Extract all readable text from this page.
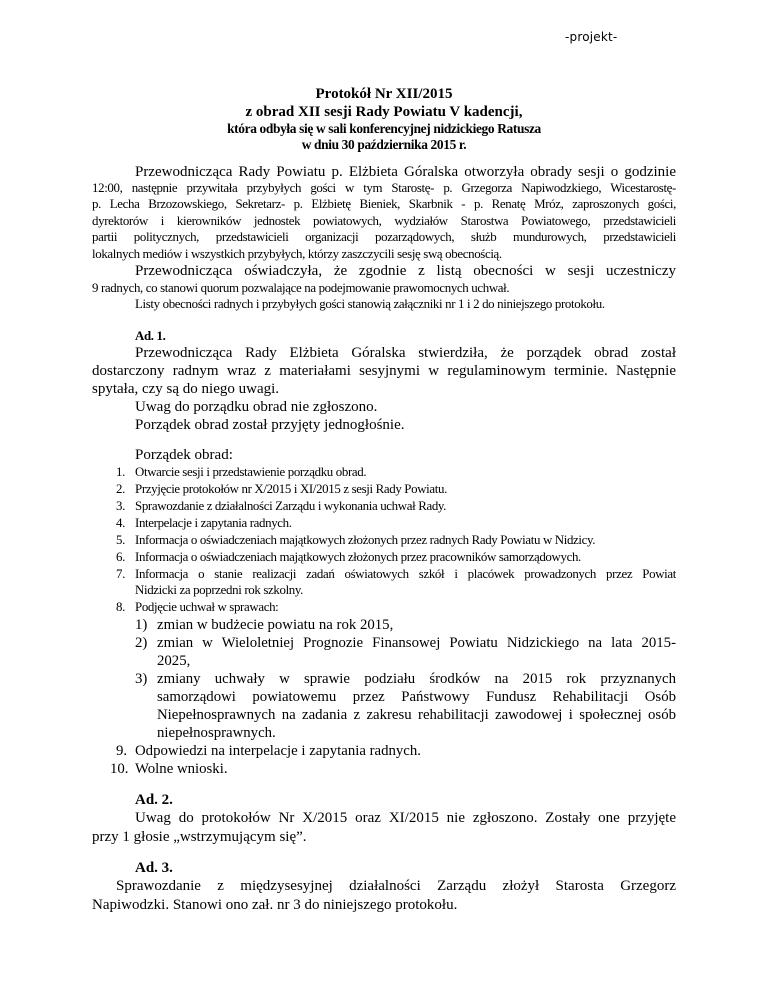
-projekt-
Protokół Nr XII/2015
z obrad XII sesji Rady Powiatu V kadencji,
która odbyła się w sali konferencyjnej nidzickiego Ratusza
w dniu 30 października 2015 r.
Przewodnicząca Rady Powiatu p. Elżbieta Góralska otworzyła obrady sesji o godzinie
12:00, następnie przywitała przybyłych gości w tym Starostę- p. Grzegorza Napiwodzkiego, Wicestarostę-
p. Lecha Brzozowskiego, Sekretarz- p. Elżbietę Bieniek, Skarbnik - p. Renatę Mróz, zaproszonych gości,
dyrektorów i kierowników jednostek powiatowych, wydziałów Starostwa Powiatowego, przedstawicieli
partii politycznych, przedstawicieli organizacji pozarządowych, służb mundurowych, przedstawicieli
lokalnych mediów i wszystkich przybyłych, którzy zaszczycili sesję swą obecnością.
Przewodnicząca oświadczyła, że zgodnie z listą obecności w sesji uczestniczy
9 radnych, co stanowi quorum pozwalające na podejmowanie prawomocnych uchwał.
Listy obecności radnych i przybyłych gości stanowią załączniki nr 1 i 2 do niniejszego protokołu.
Ad. 1.
Przewodnicząca Rady Elżbieta Góralska stwierdziła, że porządek obrad został
dostarczony radnym wraz z materiałami sesyjnymi w regulaminowym terminie. Następnie
spytała, czy są do niego uwagi.
Uwag do porządku obrad nie zgłoszono.
Porządek obrad został przyjęty jednogłośnie.
Porządek obrad:
1. Otwarcie sesji i przedstawienie porządku obrad.
2. Przyjęcie protokołów nr X/2015 i XI/2015 z sesji Rady Powiatu.
3. Sprawozdanie z działalności Zarządu i wykonania uchwał Rady.
4. Interpelacje i zapytania radnych.
5. Informacja o oświadczeniach majątkowych złożonych przez radnych Rady Powiatu w Nidzicy.
6. Informacja o oświadczeniach majątkowych złożonych przez pracowników samorządowych.
7. Informacja o stanie realizacji zadań oświatowych szkół i placówek prowadzonych przez Powiat
Nidzicki za poprzedni rok szkolny.
8. Podjęcie uchwał w sprawach:
1) zmian w budżecie powiatu na rok 2015,
2) zmian w Wieloletniej Prognozie Finansowej Powiatu Nidzickiego na lata 2015-
2025,
3) zmiany uchwały w sprawie podziału środków na 2015 rok przyznanych
samorządowi powiatowemu przez Państwowy Fundusz Rehabilitacji Osób
Niepełnosprawnych na zadania z zakresu rehabilitacji zawodowej i społecznej osób
niepełnosprawnych.
9. Odpowiedzi na interpelacje i zapytania radnych.
10. Wolne wnioski.
Ad. 2.
Uwag do protokołów Nr X/2015 oraz XI/2015 nie zgłoszono. Zostały one przyjęte
przy 1 głosie „wstrzymującym się”.
Ad. 3.
Sprawozdanie z międzysesyjnej działalności Zarządu złożył Starosta Grzegorz
Napiwodzki. Stanowi ono zał. nr 3 do niniejszego protokołu.
